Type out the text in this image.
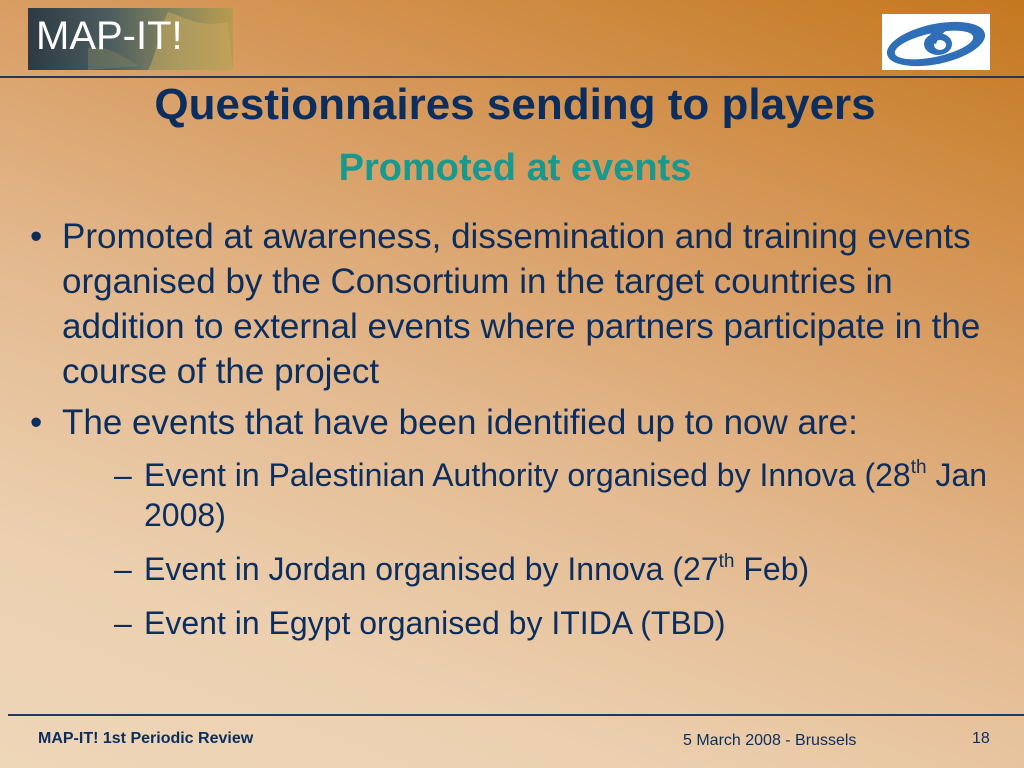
MAP-IT!
Questionnaires sending to players
Promoted at events
• Promoted at awareness, dissemination and training events organised by the Consortium in the target countries in addition to external events where partners participate in the course of the project
• The events that have been identified up to now are:
– Event in Palestinian Authority organised by Innova (28th Jan 2008)
– Event in Jordan organised by Innova (27th Feb)
– Event in Egypt organised by ITIDA (TBD)
MAP-IT! 1st Periodic Review	5 March 2008 - Brussels	18
